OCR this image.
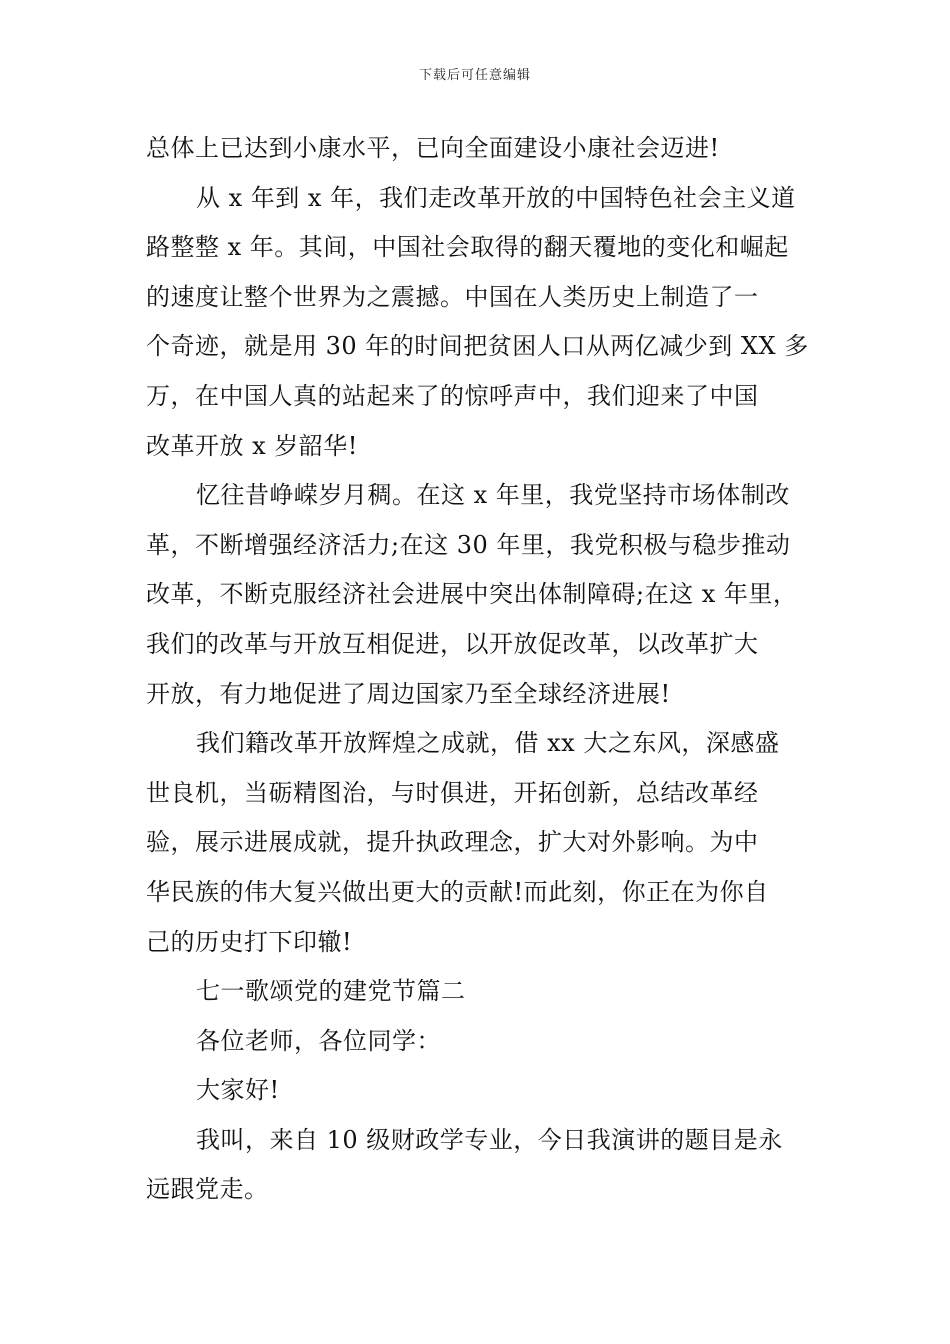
下载后可任意编辑
总体上已达到小康水平，已向全面建设小康社会迈进!
从 x 年到 x 年，我们走改革开放的中国特色社会主义道
路整整 x 年。其间，中国社会取得的翻天覆地的变化和崛起
的速度让整个世界为之震撼。中国在人类历史上制造了一
个奇迹，就是用 30 年的时间把贫困人口从两亿减少到 XX 多
万，在中国人真的站起来了的惊呼声中，我们迎来了中国
改革开放 x 岁韶华!
忆往昔峥嵘岁月稠。在这 x 年里，我党坚持市场体制改
革，不断增强经济活力;在这 30 年里，我党积极与稳步推动
改革，不断克服经济社会进展中突出体制障碍;在这 x 年里，
我们的改革与开放互相促进，以开放促改革，以改革扩大
开放，有力地促进了周边国家乃至全球经济进展!
我们籍改革开放辉煌之成就，借 xx 大之东风，深感盛
世良机，当砺精图治，与时俱进，开拓创新，总结改革经
验，展示进展成就，提升执政理念，扩大对外影响。为中
华民族的伟大复兴做出更大的贡献!而此刻，你正在为你自
己的历史打下印辙!
七一歌颂党的建党节篇二
各位老师，各位同学：
大家好!
我叫，来自 10 级财政学专业，今日我演讲的题目是永
远跟党走。
